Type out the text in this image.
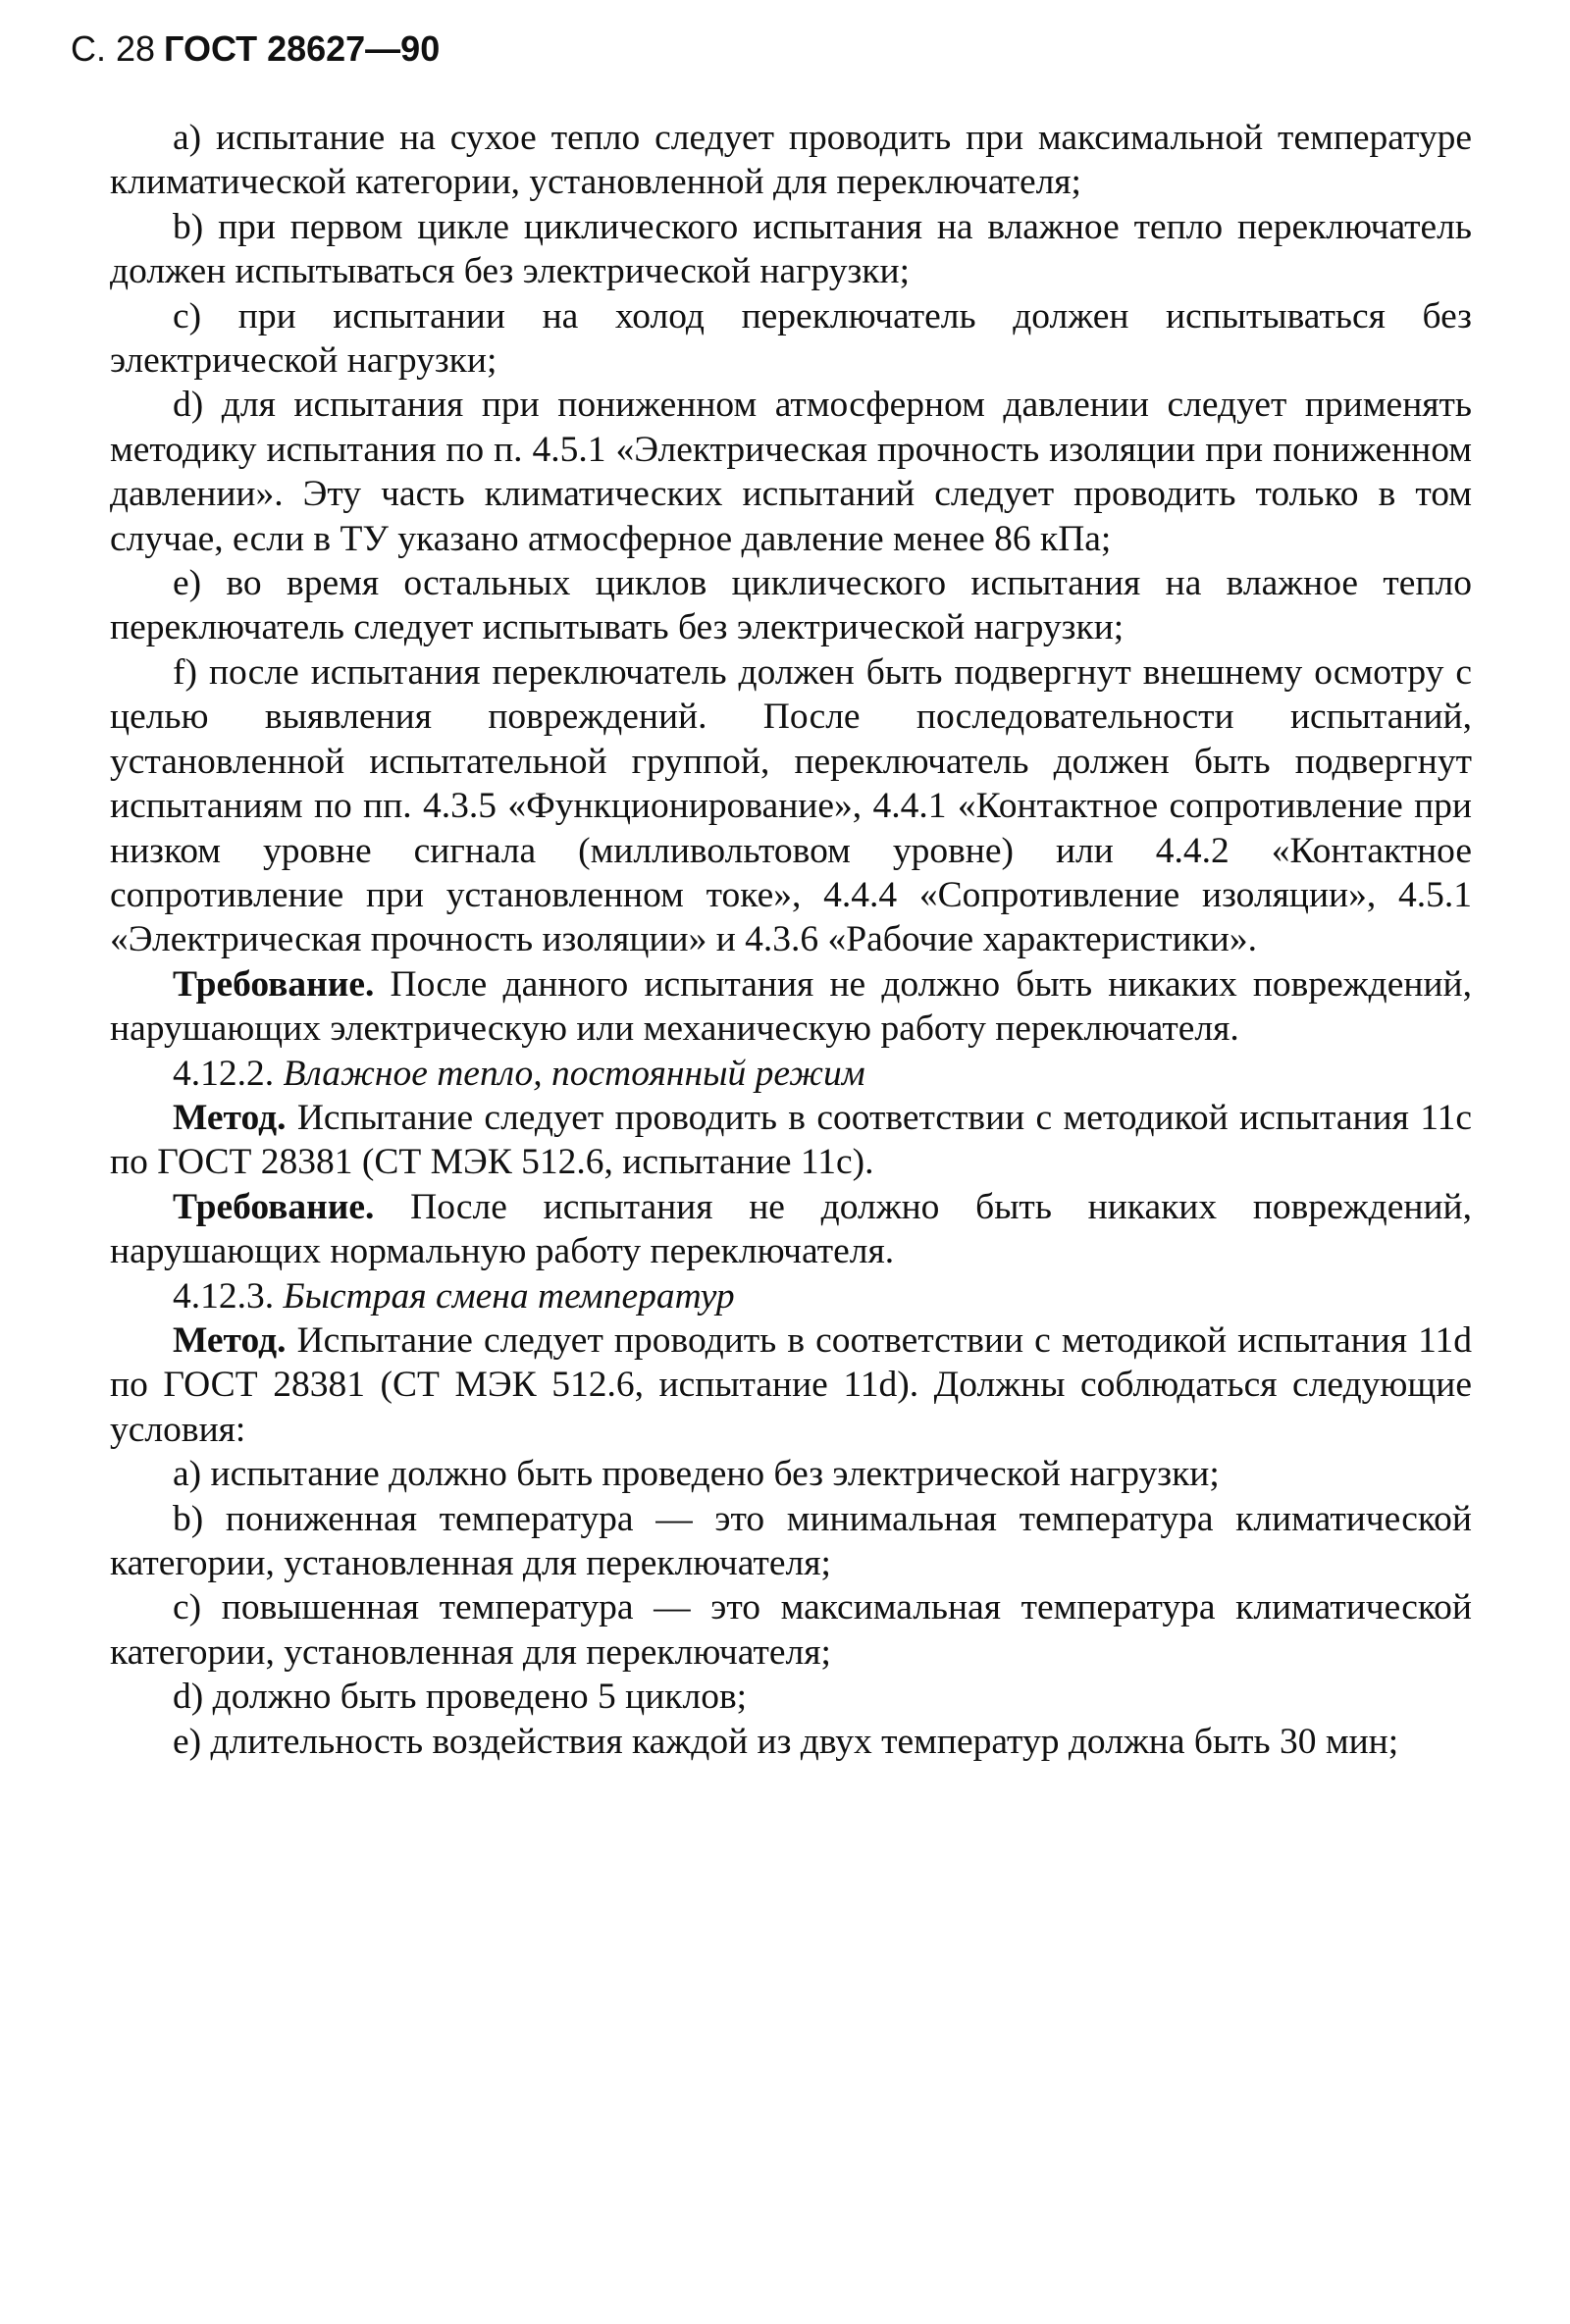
С. 28 ГОСТ 28627—90

a) испытание на сухое тепло следует проводить при максимальной температуре климатической категории, установленной для переключателя;

b) при первом цикле циклического испытания на влажное тепло переключатель должен испытываться без электрической нагрузки;

c) при испытании на холод переключатель должен испытываться без электрической нагрузки;

d) для испытания при пониженном атмосферном давлении следует применять методику испытания по п. 4.5.1 «Электрическая прочность изоляции при пониженном давлении». Эту часть климатических испытаний следует проводить только в том случае, если в ТУ указано атмосферное давление менее 86 кПа;

e) во время остальных циклов циклического испытания на влажное тепло переключатель следует испытывать без электрической нагрузки;

f) после испытания переключатель должен быть подвергнут внешнему осмотру с целью выявления повреждений. После последовательности испытаний, установленной испытательной группой, переключатель должен быть подвергнут испытаниям по пп. 4.3.5 «Функционирование», 4.4.1 «Контактное сопротивление при низком уровне сигнала (милливольтовом уровне) или 4.4.2 «Контактное сопротивление при установленном токе», 4.4.4 «Сопротивление изоляции», 4.5.1 «Электрическая прочность изоляции» и 4.3.6 «Рабочие характеристики».

Требование. После данного испытания не должно быть никаких повреждений, нарушающих электрическую или механическую работу переключателя.

4.12.2. Влажное тепло, постоянный режим

Метод. Испытание следует проводить в соответствии с методикой испытания 11с по ГОСТ 28381 (СТ МЭК 512.6, испытание 11с).

Требование. После испытания не должно быть никаких повреждений, нарушающих нормальную работу переключателя.

4.12.3. Быстрая смена температур

Метод. Испытание следует проводить в соответствии с методикой испытания 11d по ГОСТ 28381 (СТ МЭК 512.6, испытание 11d). Должны соблюдаться следующие условия:

a) испытание должно быть проведено без электрической нагрузки;

b) пониженная температура — это минимальная температура климатической категории, установленная для переключателя;

c) повышенная температура — это максимальная температура климатической категории, установленная для переключателя;

d) должно быть проведено 5 циклов;

e) длительность воздействия каждой из двух температур должна быть 30 мин;
